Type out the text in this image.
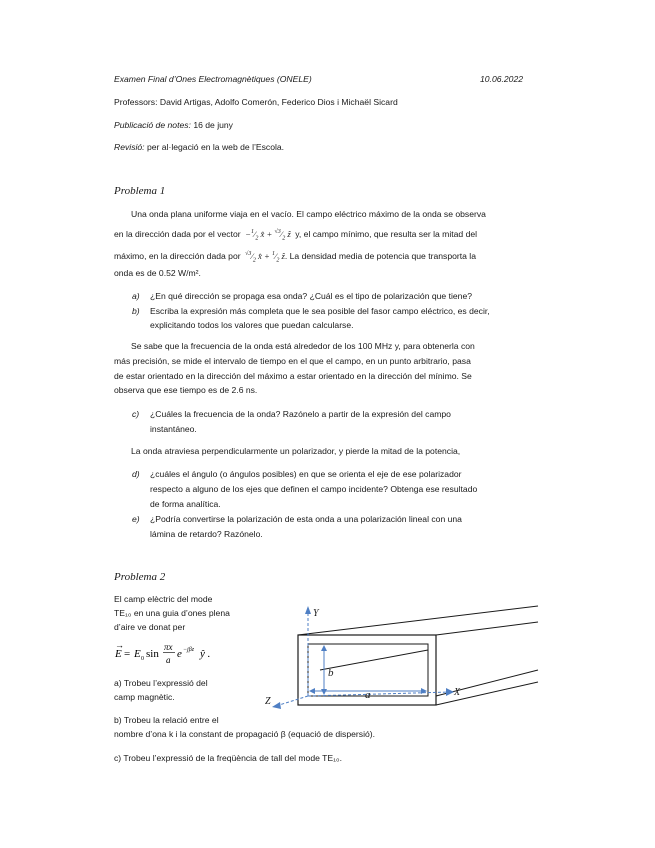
Examen Final d’Ones Electromagnètiques (ONELE)	10.06.2022
Professors: David Artigas, Adolfo Comerón, Federico Dios i Michaël Sicard
Publicació de notes: 16 de juny
Revisió: per al·legació en la web de l’Escola.
Problema 1
Una onda plana uniforme viaja en el vacío. El campo eléctrico máximo de la onda se observa
en la dirección dada por el vector  $-^1⁄_2$ x̂ + $^{√3}⁄_2$ ẑ  y, el campo mínimo, que resulta ser la mitad del
máximo, en la dirección dada por $^{√3}⁄_2$ x̂ + $^1⁄_2$ ẑ. La densidad media de potencia que transporta la
onda es de 0.52 W/m².
a) ¿En qué dirección se propaga esa onda? ¿Cuál es el tipo de polarización que tiene?
b) Escriba la expresión más completa que le sea posible del fasor campo eléctrico, es decir,
explicitando todos los valores que puedan calcularse.
Se sabe que la frecuencia de la onda está alrededor de los 100 MHz y, para obtenerla con
más precisión, se mide el intervalo de tiempo en el que el campo, en un punto arbitrario, pasa
de estar orientado en la dirección del máximo a estar orientado en la dirección del mínimo. Se
observa que ese tiempo es de 2.6 ns.
c) ¿Cuáles la frecuencia de la onda? Razónelo a partir de la expresión del campo
instantáneo.
La onda atraviesa perpendicularmente un polarizador, y pierde la mitad de la potencia,
d) ¿cuáles el ángulo (o ángulos posibles) en que se orienta el eje de ese polarizador
respecto a alguno de los ejes que definen el campo incidente? Obtenga ese resultado
de forma analítica.
e) ¿Podría convertirse la polarización de esta onda a una polarización lineal con una
lámina de retardo? Razónelo.
Problema 2
El camp elèctric del mode
TE₁₀ en una guia d’ones plena
d’aire ve donat per
E
→
= E 0 sin
πx
a e −jβz ŷ .
a) Trobeu l’expressió del
camp magnètic.
b) Trobeu la relació entre el
nombre d’ona k i la constant de propagació β (equació de dispersió).
c) Trobeu l’expressió de la freqüència de tall del mode TE₁₀.
Y
X
Z
b
a
